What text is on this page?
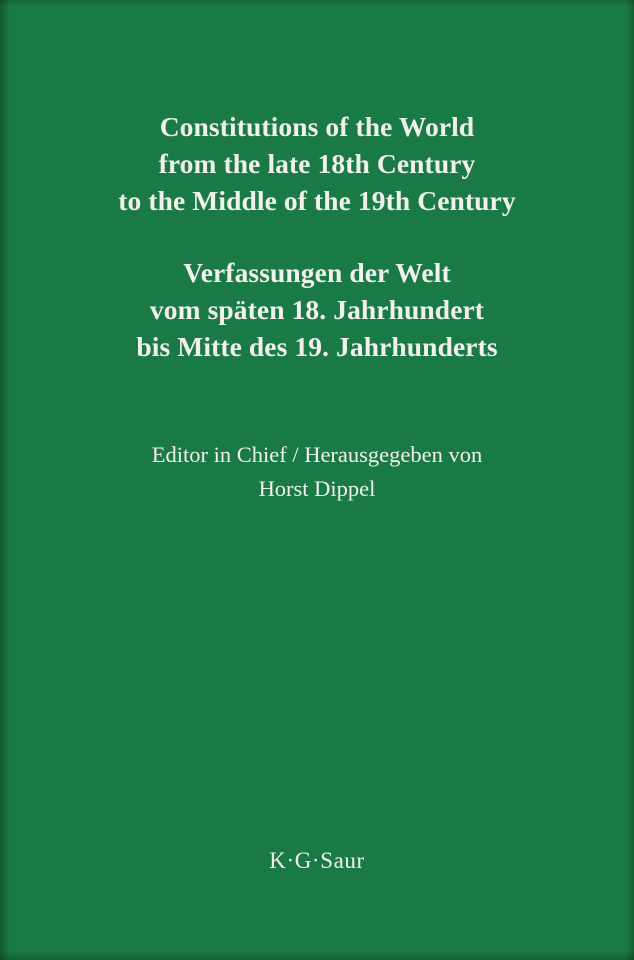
Constitutions of the World
from the late 18th Century
to the Middle of the 19th Century
Verfassungen der Welt
vom späten 18. Jahrhundert
bis Mitte des 19. Jahrhunderts
Editor in Chief / Herausgegeben von
Horst Dippel
K·G·Saur
